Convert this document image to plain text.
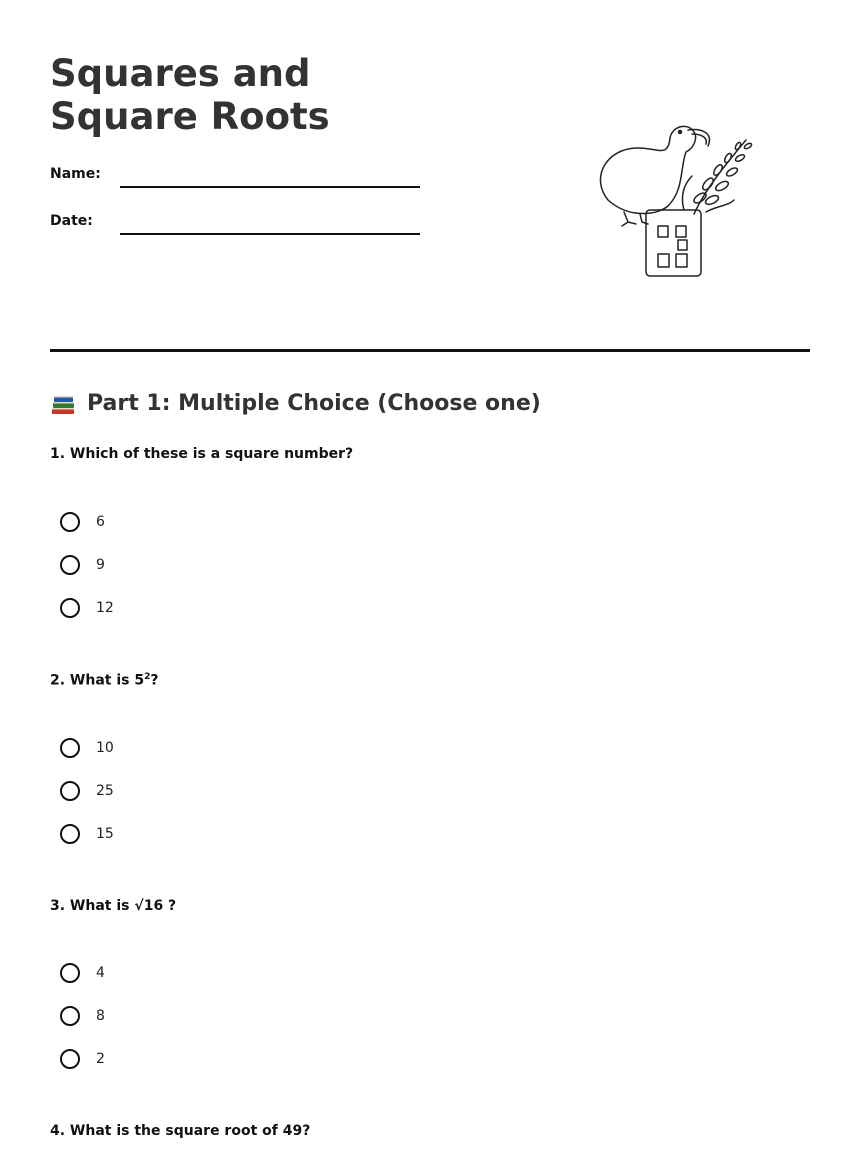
Squares and Square Roots
Name:
Date:
Part 1: Multiple Choice (Choose one)
1. Which of these is a square number?
6
9
12
2. What is $5^2$?
10
25
15
3. What is √16 ?
4
8
2
4. What is the square root of 49?
